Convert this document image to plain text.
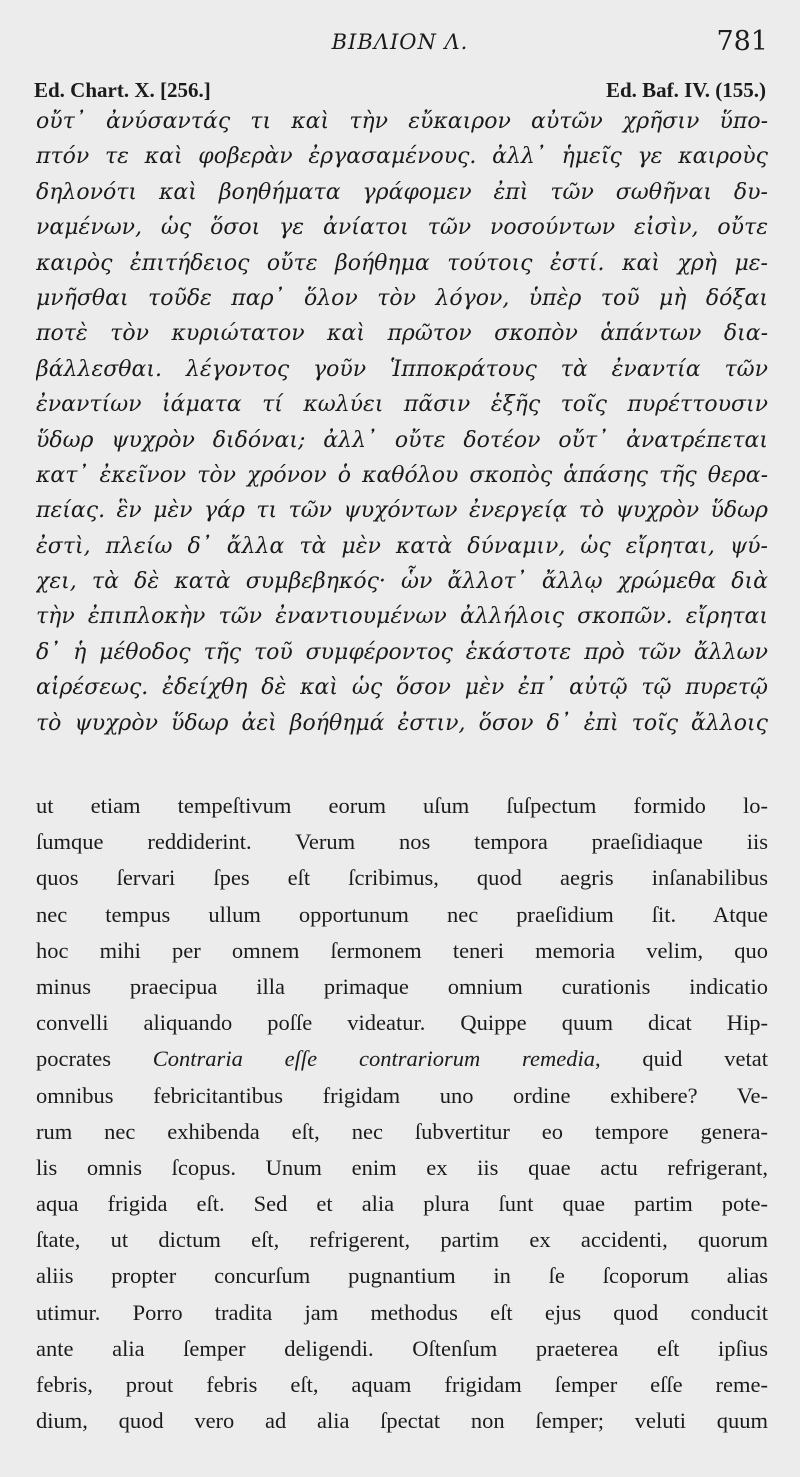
BIBΛΙΟΝ Λ.	781
Ed. Chart. X. [256.]	Ed. Baf. IV. (155.)
οὔτ᾽ ἀνύσαντάς τι καὶ τὴν εὔκαιρον αὐτῶν χρῆσιν ὕπο-
πτόν τε καὶ φοβερὰν ἐργασαμένους. ἀλλ᾽ ἡμεῖς γε καιροὺς
δηλονότι καὶ βοηθήματα γράφομεν ἐπὶ τῶν σωθῆναι δυ-
ναμένων, ὡς ὅσοι γε ἀνίατοι τῶν νοσούντων εἰσὶν, οὔτε
καιρὸς ἐπιτήδειος οὔτε βοήθημα τούτοις ἐστί. καὶ χρὴ με-
μνῆσθαι τοῦδε παρ᾽ ὅλον τὸν λόγον, ὑπὲρ τοῦ μὴ δόξαι
ποτὲ τὸν κυριώτατον καὶ πρῶτον σκοπὸν ἁπάντων δια-
βάλλεσθαι. λέγοντος γοῦν Ἱπποκράτους τὰ ἐναντία τῶν
ἐναντίων ἰάματα τί κωλύει πᾶσιν ἑξῆς τοῖς πυρέττουσιν
ὕδωρ ψυχρὸν διδόναι; ἀλλ᾽ οὔτε δοτέον οὔτ᾽ ἀνατρέπεται
κατ᾽ ἐκεῖνον τὸν χρόνον ὁ καθόλου σκοπὸς ἁπάσης τῆς θερα-
πείας. ἓν μὲν γάρ τι τῶν ψυχόντων ἐνεργείᾳ τὸ ψυχρὸν ὕδωρ
ἐστὶ, πλείω δ᾽ ἄλλα τὰ μὲν κατὰ δύναμιν, ὡς εἴρηται, ψύ-
χει, τὰ δὲ κατὰ συμβεβηκός· ὧν ἄλλοτ᾽ ἄλλῳ χρώμεθα διὰ
τὴν ἐπιπλοκὴν τῶν ἐναντιουμένων ἀλλήλοις σκοπῶν. εἴρηται
δ᾽ ἡ μέθοδος τῆς τοῦ συμφέροντος ἑκάστοτε πρὸ τῶν ἄλλων
αἱρέσεως. ἐδείχθη δὲ καὶ ὡς ὅσον μὲν ἐπ᾽ αὐτῷ τῷ πυρετῷ
τὸ ψυχρὸν ὕδωρ ἀεὶ βοήθημά ἐστιν, ὅσον δ᾽ ἐπὶ τοῖς ἄλλοις
ut etiam tempeſtivum eorum uſum ſuſpectum formido lo-
ſumque reddiderint. Verum nos tempora praeſidiaque iis
quos ſervari ſpes eſt ſcribimus, quod aegris inſanabilibus
nec tempus ullum opportunum nec praeſidium ſit. Atque
hoc mihi per omnem ſermonem teneri memoria velim, quo
minus praecipua illa primaque omnium curationis indicatio
convelli aliquando poſſe videatur. Quippe quum dicat Hip-
pocrates Contraria eſſe contrariorum remedia, quid vetat
omnibus febricitantibus frigidam uno ordine exhibere? Ve-
rum nec exhibenda eſt, nec ſubvertitur eo tempore genera-
lis omnis ſcopus. Unum enim ex iis quae actu refrigerant,
aqua frigida eſt. Sed et alia plura ſunt quae partim pote-
ſtate, ut dictum eſt, refrigerent, partim ex accidenti, quorum
aliis propter concurſum pugnantium in ſe ſcoporum alias
utimur. Porro tradita jam methodus eſt ejus quod conducit
ante alia ſemper deligendi. Oſtenſum praeterea eſt ipſius
febris, prout febris eſt, aquam frigidam ſemper eſſe reme-
dium, quod vero ad alia ſpectat non ſemper; veluti quum
